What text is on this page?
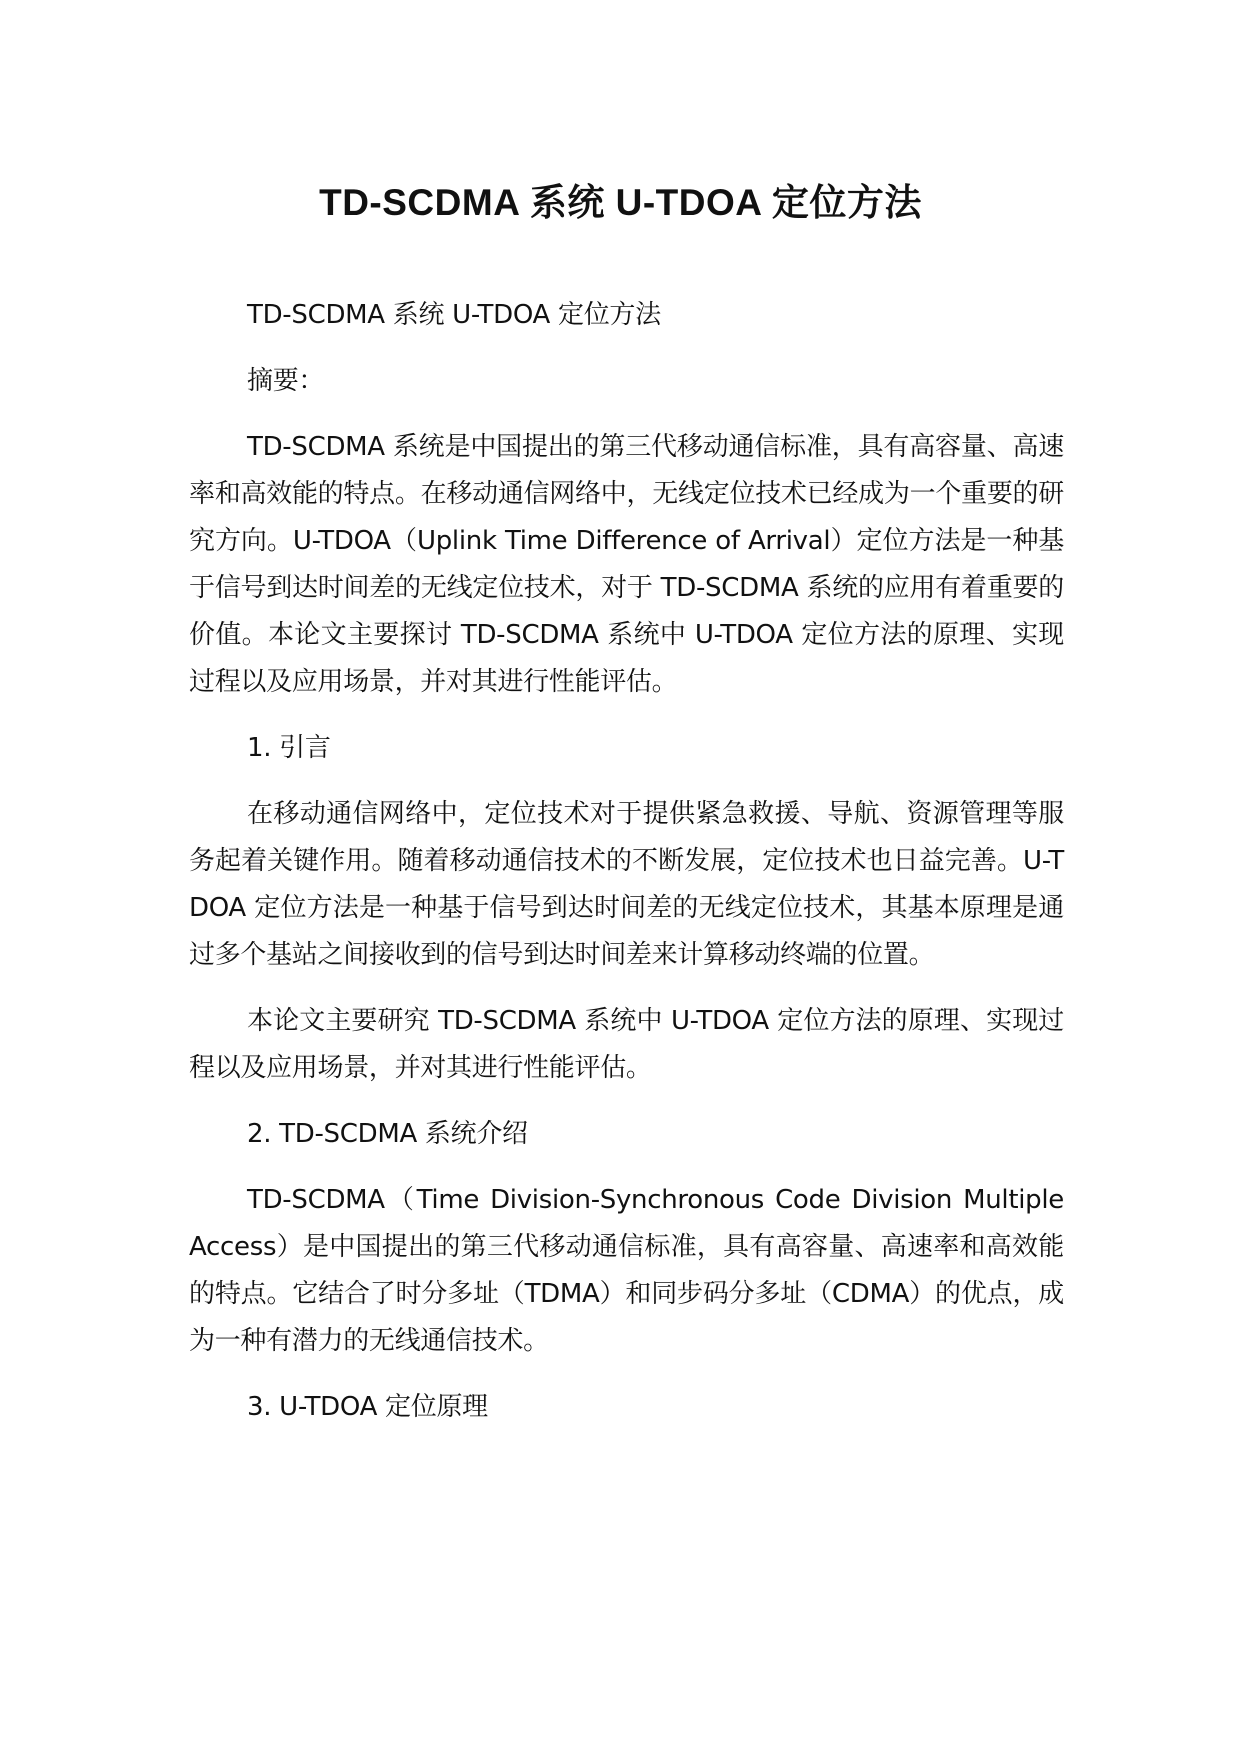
TD-SCDMA 系统 U-TDOA 定位方法

TD-SCDMA 系统 U-TDOA 定位方法

摘要：

TD-SCDMA 系统是中国提出的第三代移动通信标准，具有高容量、高速率和高效能的特点。在移动通信网络中，无线定位技术已经成为一个重要的研究方向。U-TDOA（Uplink Time Difference of Arrival）定位方法是一种基于信号到达时间差的无线定位技术，对于 TD-SCDMA 系统的应用有着重要的价值。本论文主要探讨 TD-SCDMA 系统中 U-TDOA 定位方法的原理、实现过程以及应用场景，并对其进行性能评估。

1. 引言

在移动通信网络中，定位技术对于提供紧急救援、导航、资源管理等服务起着关键作用。随着移动通信技术的不断发展，定位技术也日益完善。U-TDOA 定位方法是一种基于信号到达时间差的无线定位技术，其基本原理是通过多个基站之间接收到的信号到达时间差来计算移动终端的位置。

本论文主要研究 TD-SCDMA 系统中 U-TDOA 定位方法的原理、实现过程以及应用场景，并对其进行性能评估。

2. TD-SCDMA 系统介绍

TD-SCDMA（Time Division-Synchronous Code Division Multiple Access）是中国提出的第三代移动通信标准，具有高容量、高速率和高效能的特点。它结合了时分多址（TDMA）和同步码分多址（CDMA）的优点，成为一种有潜力的无线通信技术。

3. U-TDOA 定位原理
